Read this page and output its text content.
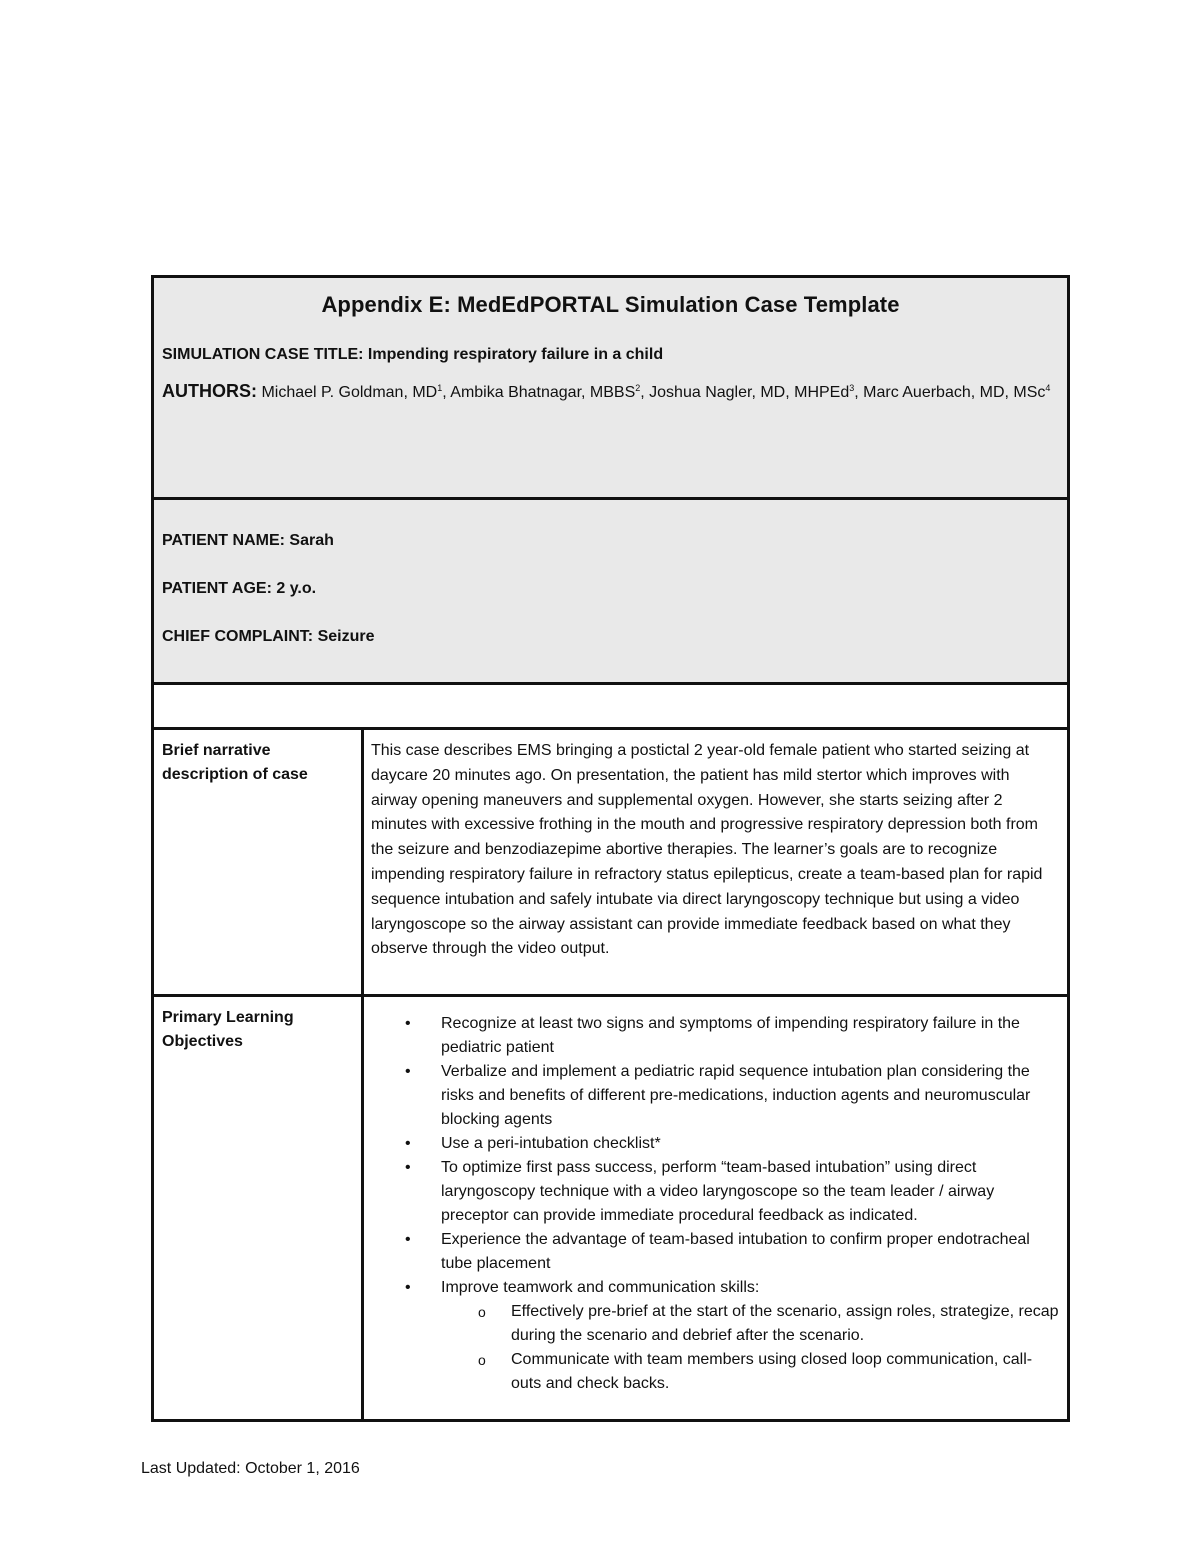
Appendix E: MedEdPORTAL Simulation Case Template

SIMULATION CASE TITLE: Impending respiratory failure in a child

AUTHORS: Michael P. Goldman, $MD^1$, Ambika Bhatnagar, MBBS$^2$, Joshua Nagler, MD, MHPEd$^3$, Marc Auerbach, MD, MSc$^4$

PATIENT NAME: Sarah

PATIENT AGE: 2 y.o.

CHIEF COMPLAINT: Seizure

Brief narrative description of case

This case describes EMS bringing a postictal 2 year-old female patient who started seizing at daycare 20 minutes ago. On presentation, the patient has mild stertor which improves with airway opening maneuvers and supplemental oxygen. However, she starts seizing after 2 minutes with excessive frothing in the mouth and progressive respiratory depression both from the seizure and benzodiazepime abortive therapies. The learner’s goals are to recognize impending respiratory failure in refractory status epilepticus, create a team-based plan for rapid sequence intubation and safely intubate via direct laryngoscopy technique but using a video laryngoscope so the airway assistant can provide immediate feedback based on what they observe through the video output.

Primary Learning Objectives
• Recognize at least two signs and symptoms of impending respiratory failure in the pediatric patient
• Verbalize and implement a pediatric rapid sequence intubation plan considering the risks and benefits of different pre-medications, induction agents and neuromuscular blocking agents
• Use a peri-intubation checklist*
• To optimize first pass success, perform “team-based intubation” using direct laryngoscopy technique with a video laryngoscope so the team leader / airway preceptor can provide immediate procedural feedback as indicated.
• Experience the advantage of team-based intubation to confirm proper endotracheal tube placement
• Improve teamwork and communication skills:
o Effectively pre-brief at the start of the scenario, assign roles, strategize, recap during the scenario and debrief after the scenario.
o Communicate with team members using closed loop communication, call-outs and check backs.
Last Updated: October 1, 2016
